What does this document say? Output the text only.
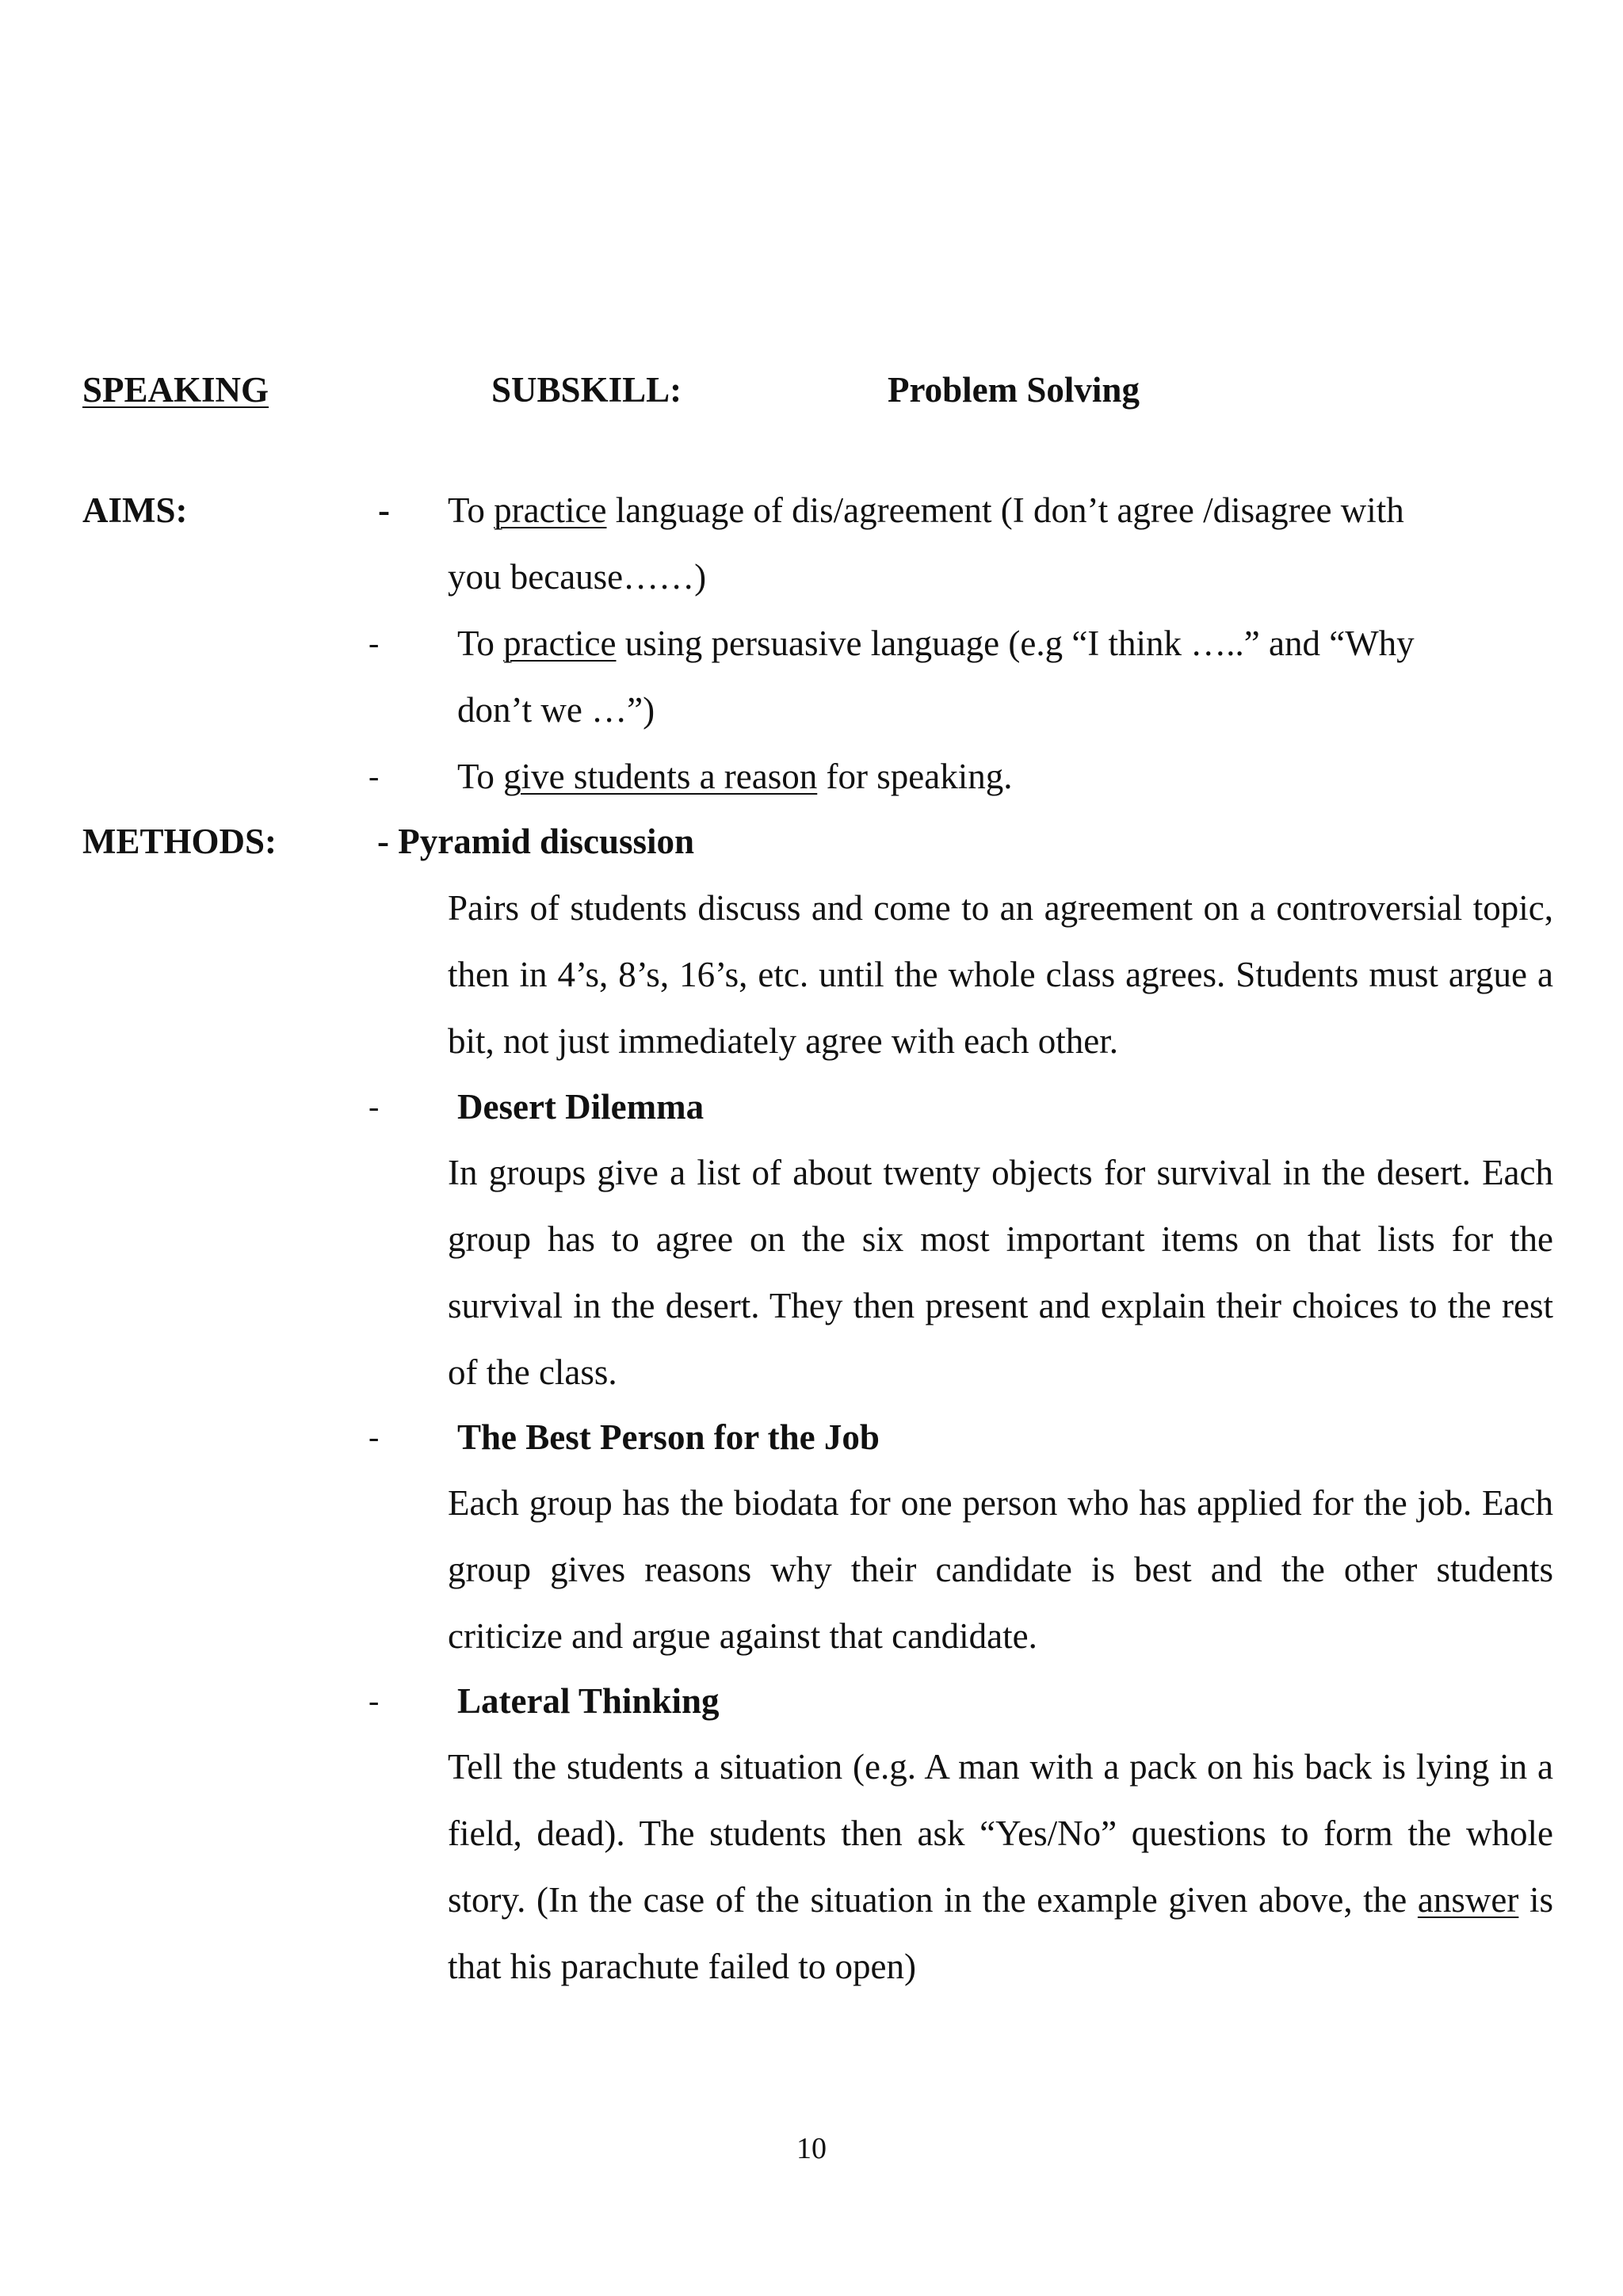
SPEAKING	SUBSKILL:	Problem Solving
AIMS:	- To practice language of dis/agreement (I don’t agree /disagree with
you because……)
- To practice using persuasive language (e.g “I think …..” and “Why
don’t we …”)
- To give students a reason for speaking.
METHODS:	- Pyramid discussion

Pairs of students discuss and come to an agreement on a controversial topic, then in 4’s, 8’s, 16’s, etc. until the whole class agrees. Students must argue a bit, not just immediately agree with each other.

- Desert Dilemma

In groups give a list of about twenty objects for survival in the desert. Each group has to agree on the six most important items on that lists for the survival in the desert. They then present and explain their choices to the rest of the class.

- The Best Person for the Job

Each group has the biodata for one person who has applied for the job. Each group gives reasons why their candidate is best and the other students criticize and argue against that candidate.

- Lateral Thinking

Tell the students a situation (e.g. A man with a pack on his back is lying in a field, dead). The students then ask “Yes/No” questions to form the whole story. (In the case of the situation in the example given above, the answer is that his parachute failed to open)

10
